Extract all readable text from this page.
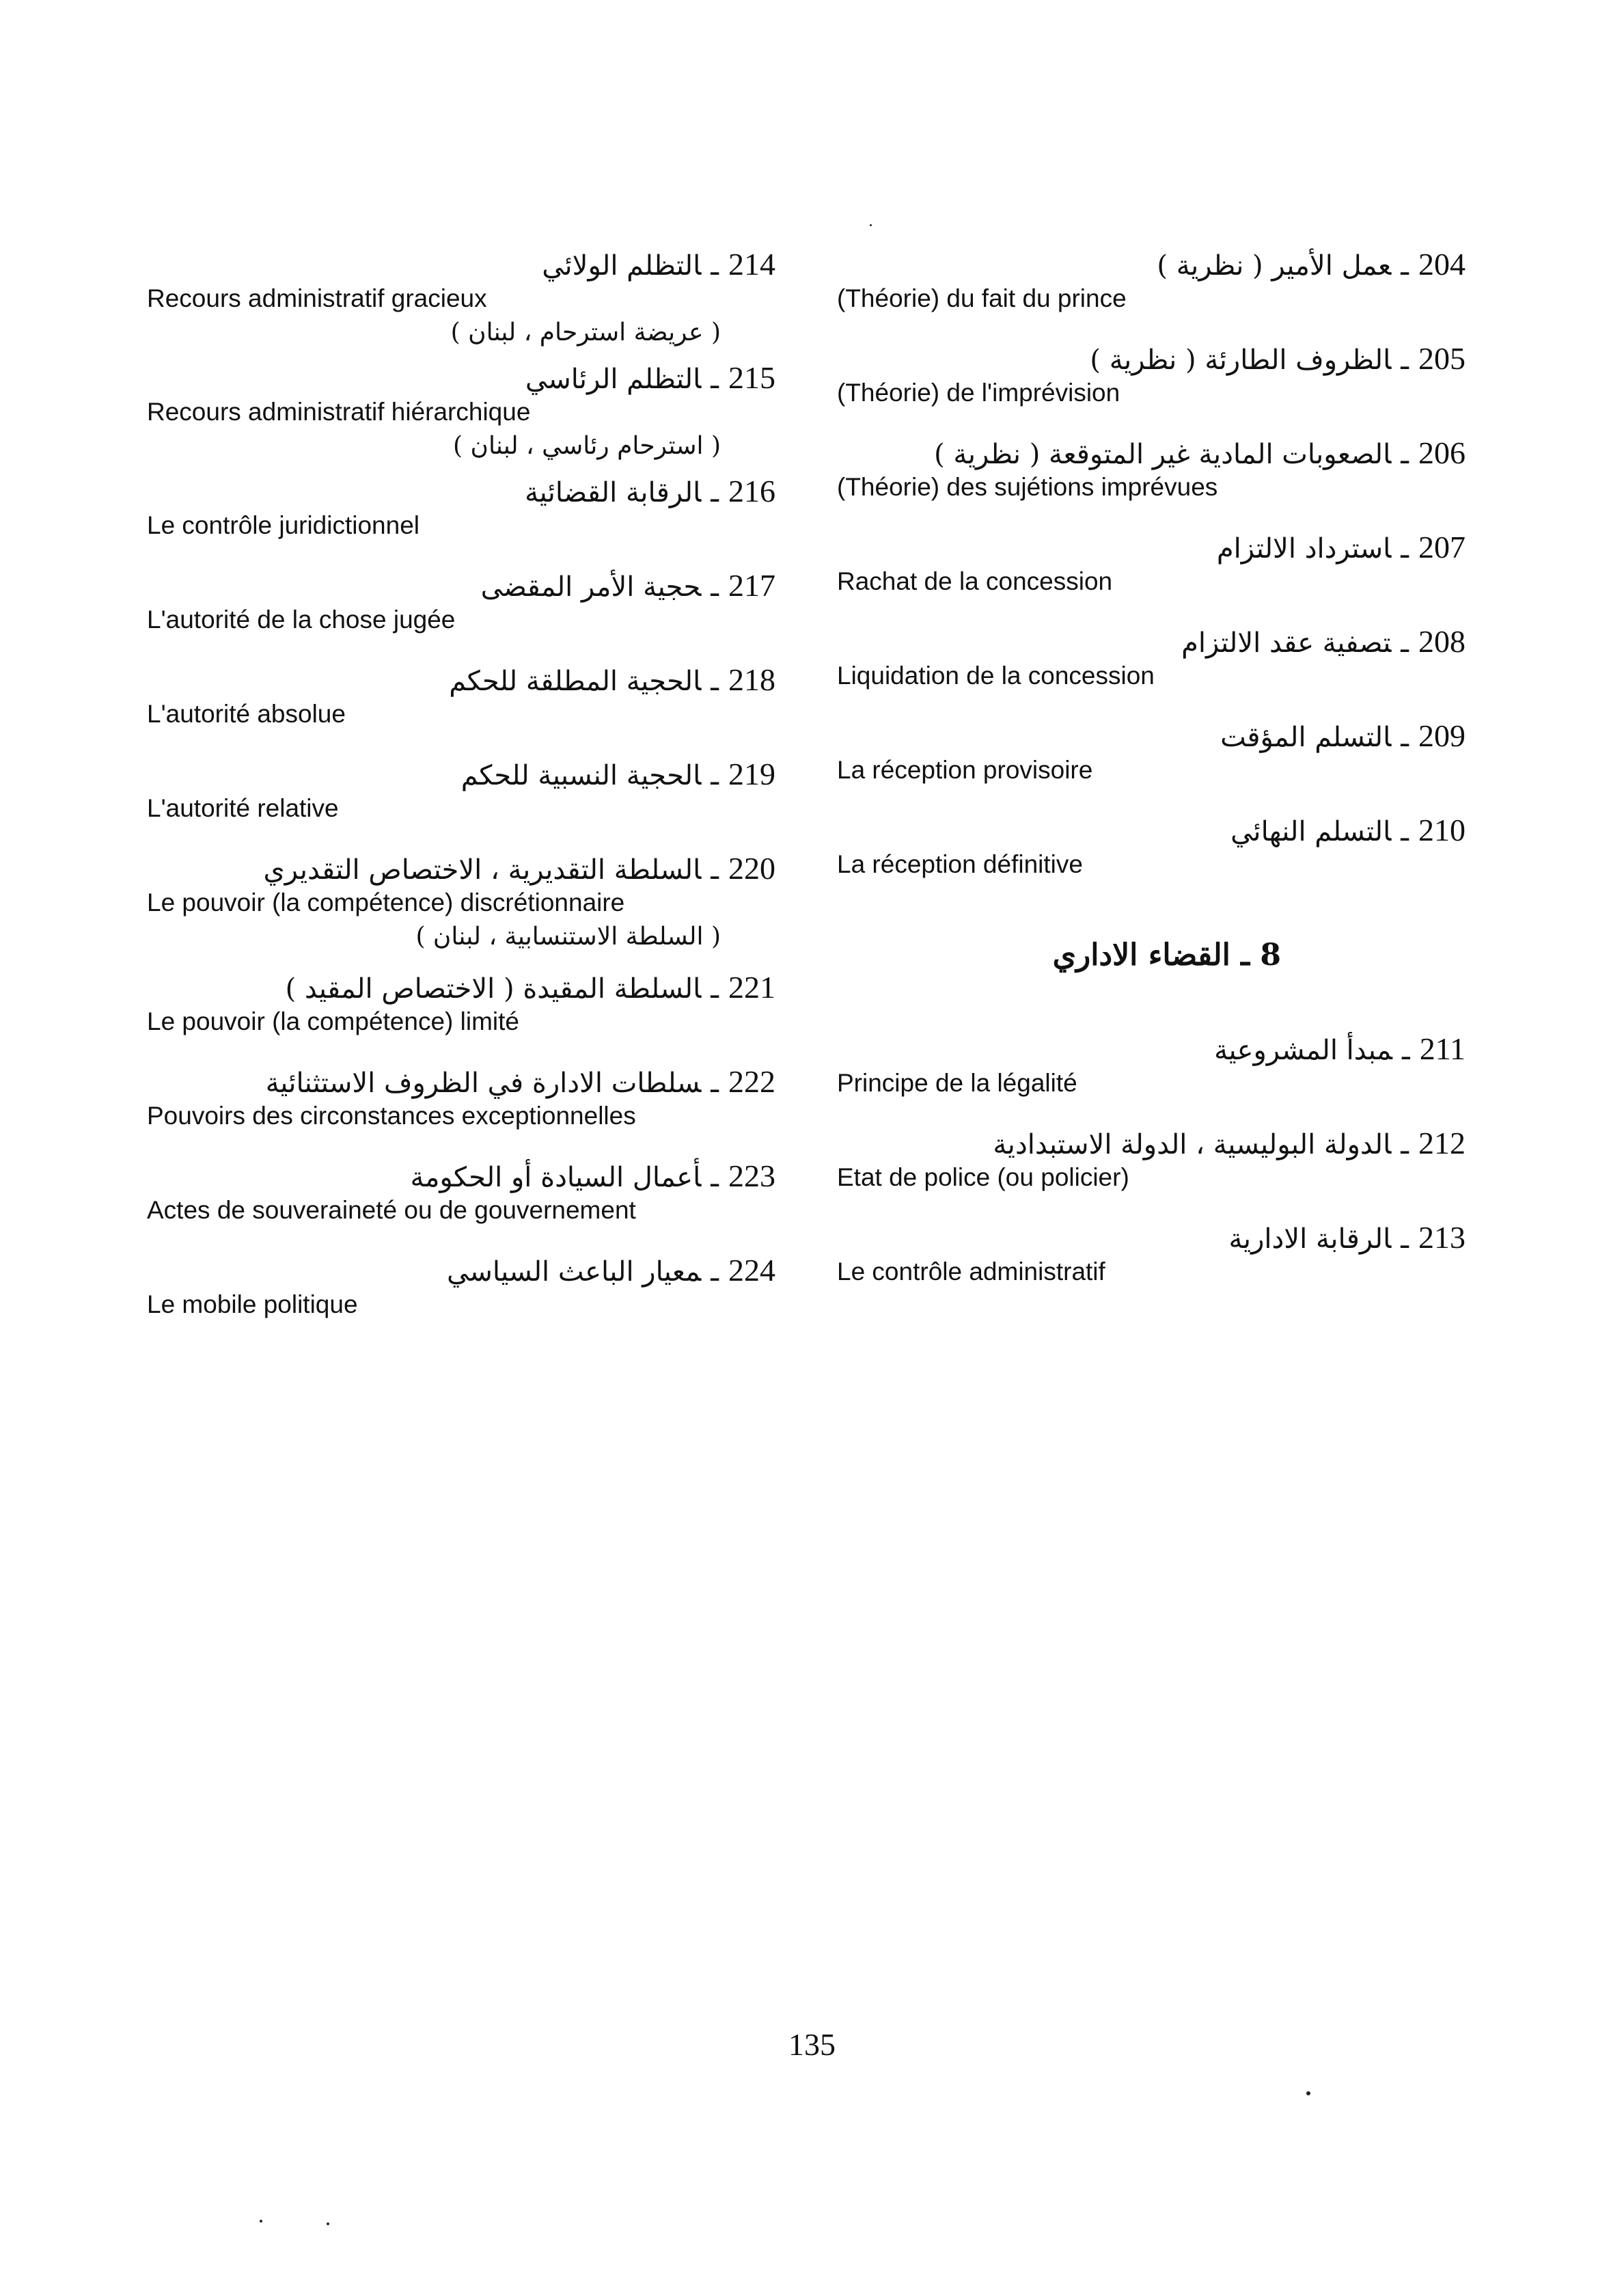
204ـعمل الأمير ( نظرية )
(Théorie) du fait du prince
205ـالظروف الطارئة ( نظرية )
(Théorie) de l'imprévision
206ـالصعوبات المادية غير المتوقعة ( نظرية )
(Théorie) des sujétions imprévues
207ـاسترداد الالتزام
Rachat de la concession
208ـتصفية عقد الالتزام
Liquidation de la concession
209ـالتسلم المؤقت
La réception provisoire
210ـالتسلم النهائي
La réception définitive
8 ـ القضاء الاداري
211ـمبدأ المشروعية
Principe de la légalité
212ـالدولة البوليسية ، الدولة الاستبدادية
Etat de police (ou policier)
213ـالرقابة الادارية
Le contrôle administratif
214ـالتظلم الولائي
Recours administratif gracieux
( عريضة استرحام ، لبنان )
215ـالتظلم الرئاسي
Recours administratif hiérarchique
( استرحام رئاسي ، لبنان )
216ـالرقابة القضائية
Le contrôle juridictionnel
217ـحجية الأمر المقضى
L'autorité de la chose jugée
218ـالحجية المطلقة للحكم
L'autorité absolue
219ـالحجية النسبية للحكم
L'autorité relative
220ـالسلطة التقديرية ، الاختصاص التقديري
Le pouvoir (la compétence) discrétionnaire
( السلطة الاستنسابية ، لبنان )
221ـالسلطة المقيدة ( الاختصاص المقيد )
Le pouvoir (la compétence) limité
222ـسلطات الادارة في الظروف الاستثنائية
Pouvoirs des circonstances exceptionnelles
223ـأعمال السيادة أو الحكومة
Actes de souveraineté ou de gouvernement
224ـمعيار الباعث السياسي
Le mobile politique
135
